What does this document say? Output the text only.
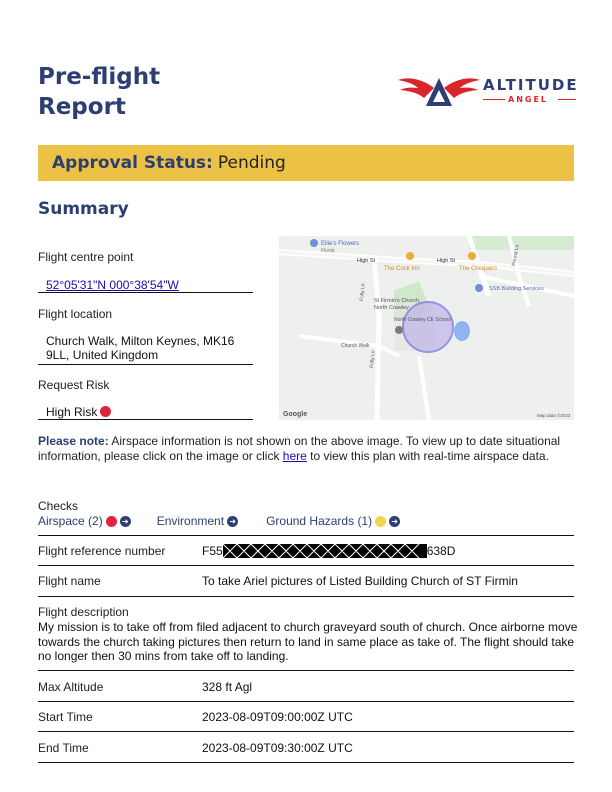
Pre-flight
Report
ALTITUDE
ANGEL
Approval Status: Pending
Summary
Flight centre point
52°05'31"N 000°38'54"W
Flight location
Church Walk, Milton Keynes, MK16
9LL, United Kingdom
Request Risk
High Risk
Ellie's Flowers
Florist
High St	High St
The Cock Inn	The Chequers
SSB Building Services
St Firmin's Church,
North Crawley
North Crawley CE School
Church Walk
Folly Ln
Folly Ln
Pound Ln
Google	Map data ©2023
Please note: Airspace information is not shown on the above image. To view up to date situational information, please click on the image or click here to view this plan with real-time airspace data.
Checks
Airspace (2) ➜ Environment ➜	Ground Hazards (1) ➜
Flight reference number	F55	638D
Flight name	To take Ariel pictures of Listed Building Church of ST Firmin
Flight description
My mission is to take off from filed adjacent to church graveyard south of church. Once airborne move towards the church taking pictures then return to land in same place as take of. The flight should take no longer then 30 mins from take off to landing.
Max Altitude	328 ft Agl
Start Time	2023-08-09T09:00:00Z UTC
End Time	2023-08-09T09:30:00Z UTC
